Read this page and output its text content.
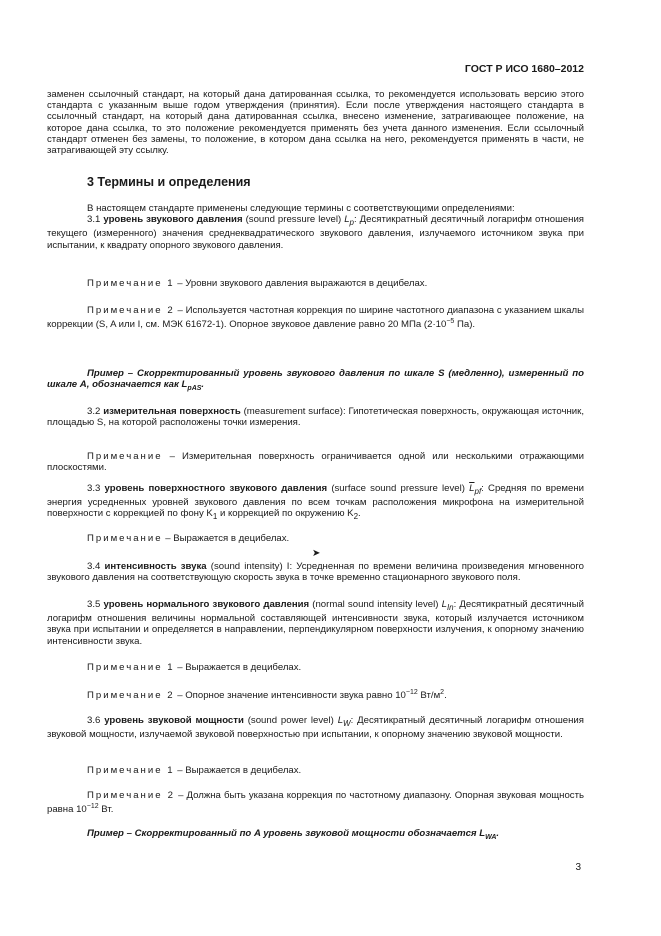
ГОСТ Р ИСО 1680–2012

заменен ссылочный стандарт, на который дана датированная ссылка, то рекомендуется использовать версию этого стандарта с указанным выше годом утверждения (принятия). Если после утверждения настоящего стандарта в ссылочный стандарт, на который дана датированная ссылка, внесено изменение, затрагивающее положение, на которое дана ссылка, то это положение рекомендуется применять без учета данного изменения. Если ссылочный стандарт отменен без замены, то положение, в котором дана ссылка на него, рекомендуется применять в части, не затрагивающей эту ссылку.

3 Термины и определения

В настоящем стандарте применены следующие термины с соответствующими определениями:

3.1 уровень звукового давления (sound pressure level) $L_p$: Десятикратный десятичный логарифм отношения текущего (измеренного) значения среднеквадратического звукового давления, излучаемого источником звука при испытании, к квадрату опорного звукового давления.

Примечание 1 – Уровни звукового давления выражаются в децибелах.

Примечание 2 – Используется частотная коррекция по ширине частотного диапазона с указанием шкалы коррекции (S, A или I, см. МЭК 61672-1). Опорное звуковое давление равно 20 МПа ($2\cdot 10^{-5}$ Па).

Пример – Скорректированный уровень звукового давления по шкале S (медленно), измеренный по шкале A, обозначается как $L_{pAS}$.

3.2 измерительная поверхность (measurement surface): Гипотетическая поверхность, окружающая источник, площадью S, на которой расположены точки измерения.

Примечание – Измерительная поверхность ограничивается одной или несколькими отражающими плоскостями.

3.3 уровень поверхностного звукового давления (surface sound pressure level) $\overline{L}_{pf}$: Средняя по времени энергия усредненных уровней звукового давления по всем точкам расположения микрофона на измерительной поверхности с коррекцией по фону $K_1$ и коррекцией по окружению $K_2$.

Примечание – Выражается в децибелах.

➤

3.4 интенсивность звука (sound intensity) I: Усредненная по времени величина произведения мгновенного звукового давления на соответствующую скорость звука в точке временно стационарного звукового поля.

3.5 уровень нормального звукового давления (normal sound intensity level) $L_{In}$: Десятикратный десятичный логарифм отношения величины нормальной составляющей интенсивности звука, который излучается источником звука при испытании и определяется в направлении, перпендикулярном поверхности излучения, к опорному значению интенсивности звука.

Примечание 1 – Выражается в децибелах.

Примечание 2 – Опорное значение интенсивности звука равно $10^{-12}$ $Вт/м^2$.

3.6 уровень звуковой мощности (sound power level) $L_W$: Десятикратный десятичный логарифм отношения звуковой мощности, излучаемой звуковой поверхностью при испытании, к опорному значению звуковой мощности.

Примечание 1 – Выражается в децибелах.

Примечание 2 – Должна быть указана коррекция по частотному диапазону. Опорная звуковая мощность равна $10^{-12}$ Вт.

Пример – Скорректированный по A уровень звуковой мощности обозначается $L_{WA}$.

3
